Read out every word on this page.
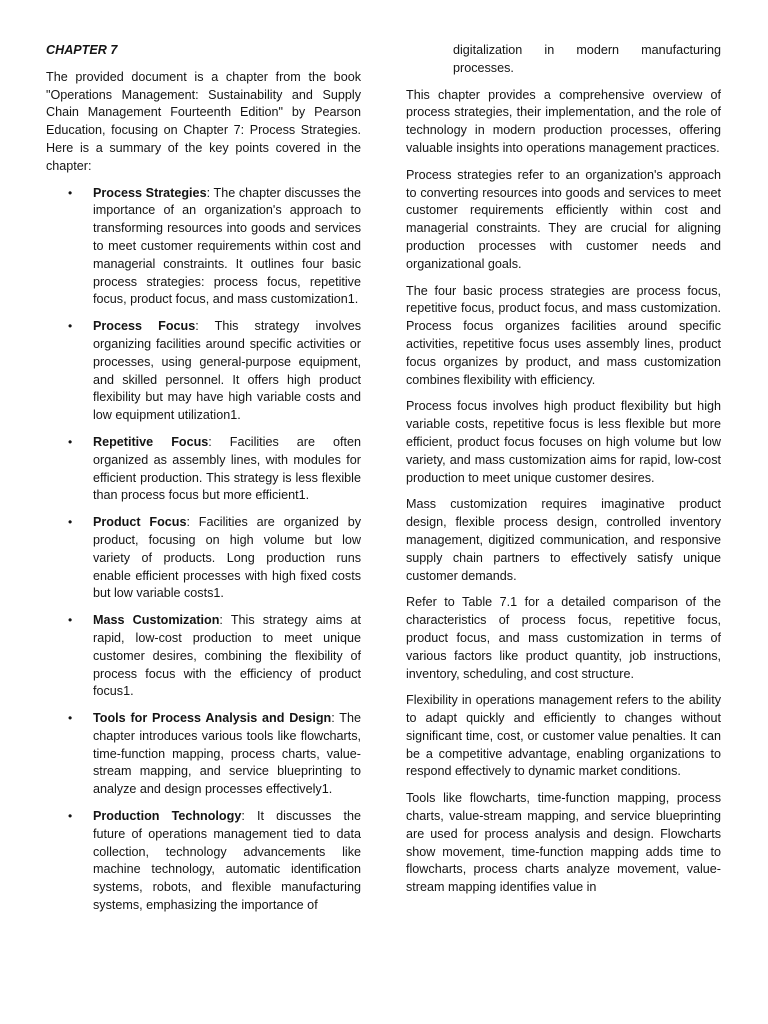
CHAPTER 7

The provided document is a chapter from the book "Operations Management: Sustainability and Supply Chain Management Fourteenth Edition" by Pearson Education, focusing on Chapter 7: Process Strategies. Here is a summary of the key points covered in the chapter:

• Process Strategies: The chapter discusses the importance of an organization's approach to transforming resources into goods and services to meet customer requirements within cost and managerial constraints. It outlines four basic process strategies: process focus, repetitive focus, product focus, and mass customization1.
• Process Focus: This strategy involves organizing facilities around specific activities or processes, using general-purpose equipment, and skilled personnel. It offers high product flexibility but may have high variable costs and low equipment utilization1.
• Repetitive Focus: Facilities are often organized as assembly lines, with modules for efficient production. This strategy is less flexible than process focus but more efficient1.
• Product Focus: Facilities are organized by product, focusing on high volume but low variety of products. Long production runs enable efficient processes with high fixed costs but low variable costs1.
• Mass Customization: This strategy aims at rapid, low-cost production to meet unique customer desires, combining the flexibility of process focus with the efficiency of product focus1.
• Tools for Process Analysis and Design: The chapter introduces various tools like flowcharts, time-function mapping, process charts, value-stream mapping, and service blueprinting to analyze and design processes effectively1.
• Production Technology: It discusses the future of operations management tied to data collection, technology advancements like machine technology, automatic identification systems, robots, and flexible manufacturing systems, emphasizing the importance of
digitalization in modern manufacturing processes.

This chapter provides a comprehensive overview of process strategies, their implementation, and the role of technology in modern production processes, offering valuable insights into operations management practices.

Process strategies refer to an organization's approach to converting resources into goods and services to meet customer requirements efficiently within cost and managerial constraints. They are crucial for aligning production processes with customer needs and organizational goals.

The four basic process strategies are process focus, repetitive focus, product focus, and mass customization. Process focus organizes facilities around specific activities, repetitive focus uses assembly lines, product focus organizes by product, and mass customization combines flexibility with efficiency.

Process focus involves high product flexibility but high variable costs, repetitive focus is less flexible but more efficient, product focus focuses on high volume but low variety, and mass customization aims for rapid, low-cost production to meet unique customer desires.

Mass customization requires imaginative product design, flexible process design, controlled inventory management, digitized communication, and responsive supply chain partners to effectively satisfy unique customer demands.

Refer to Table 7.1 for a detailed comparison of the characteristics of process focus, repetitive focus, product focus, and mass customization in terms of various factors like product quantity, job instructions, inventory, scheduling, and cost structure.

Flexibility in operations management refers to the ability to adapt quickly and efficiently to changes without significant time, cost, or customer value penalties. It can be a competitive advantage, enabling organizations to respond effectively to dynamic market conditions.

Tools like flowcharts, time-function mapping, process charts, value-stream mapping, and service blueprinting are used for process analysis and design. Flowcharts show movement, time-function mapping adds time to flowcharts, process charts analyze movement, value-stream mapping identifies value in
